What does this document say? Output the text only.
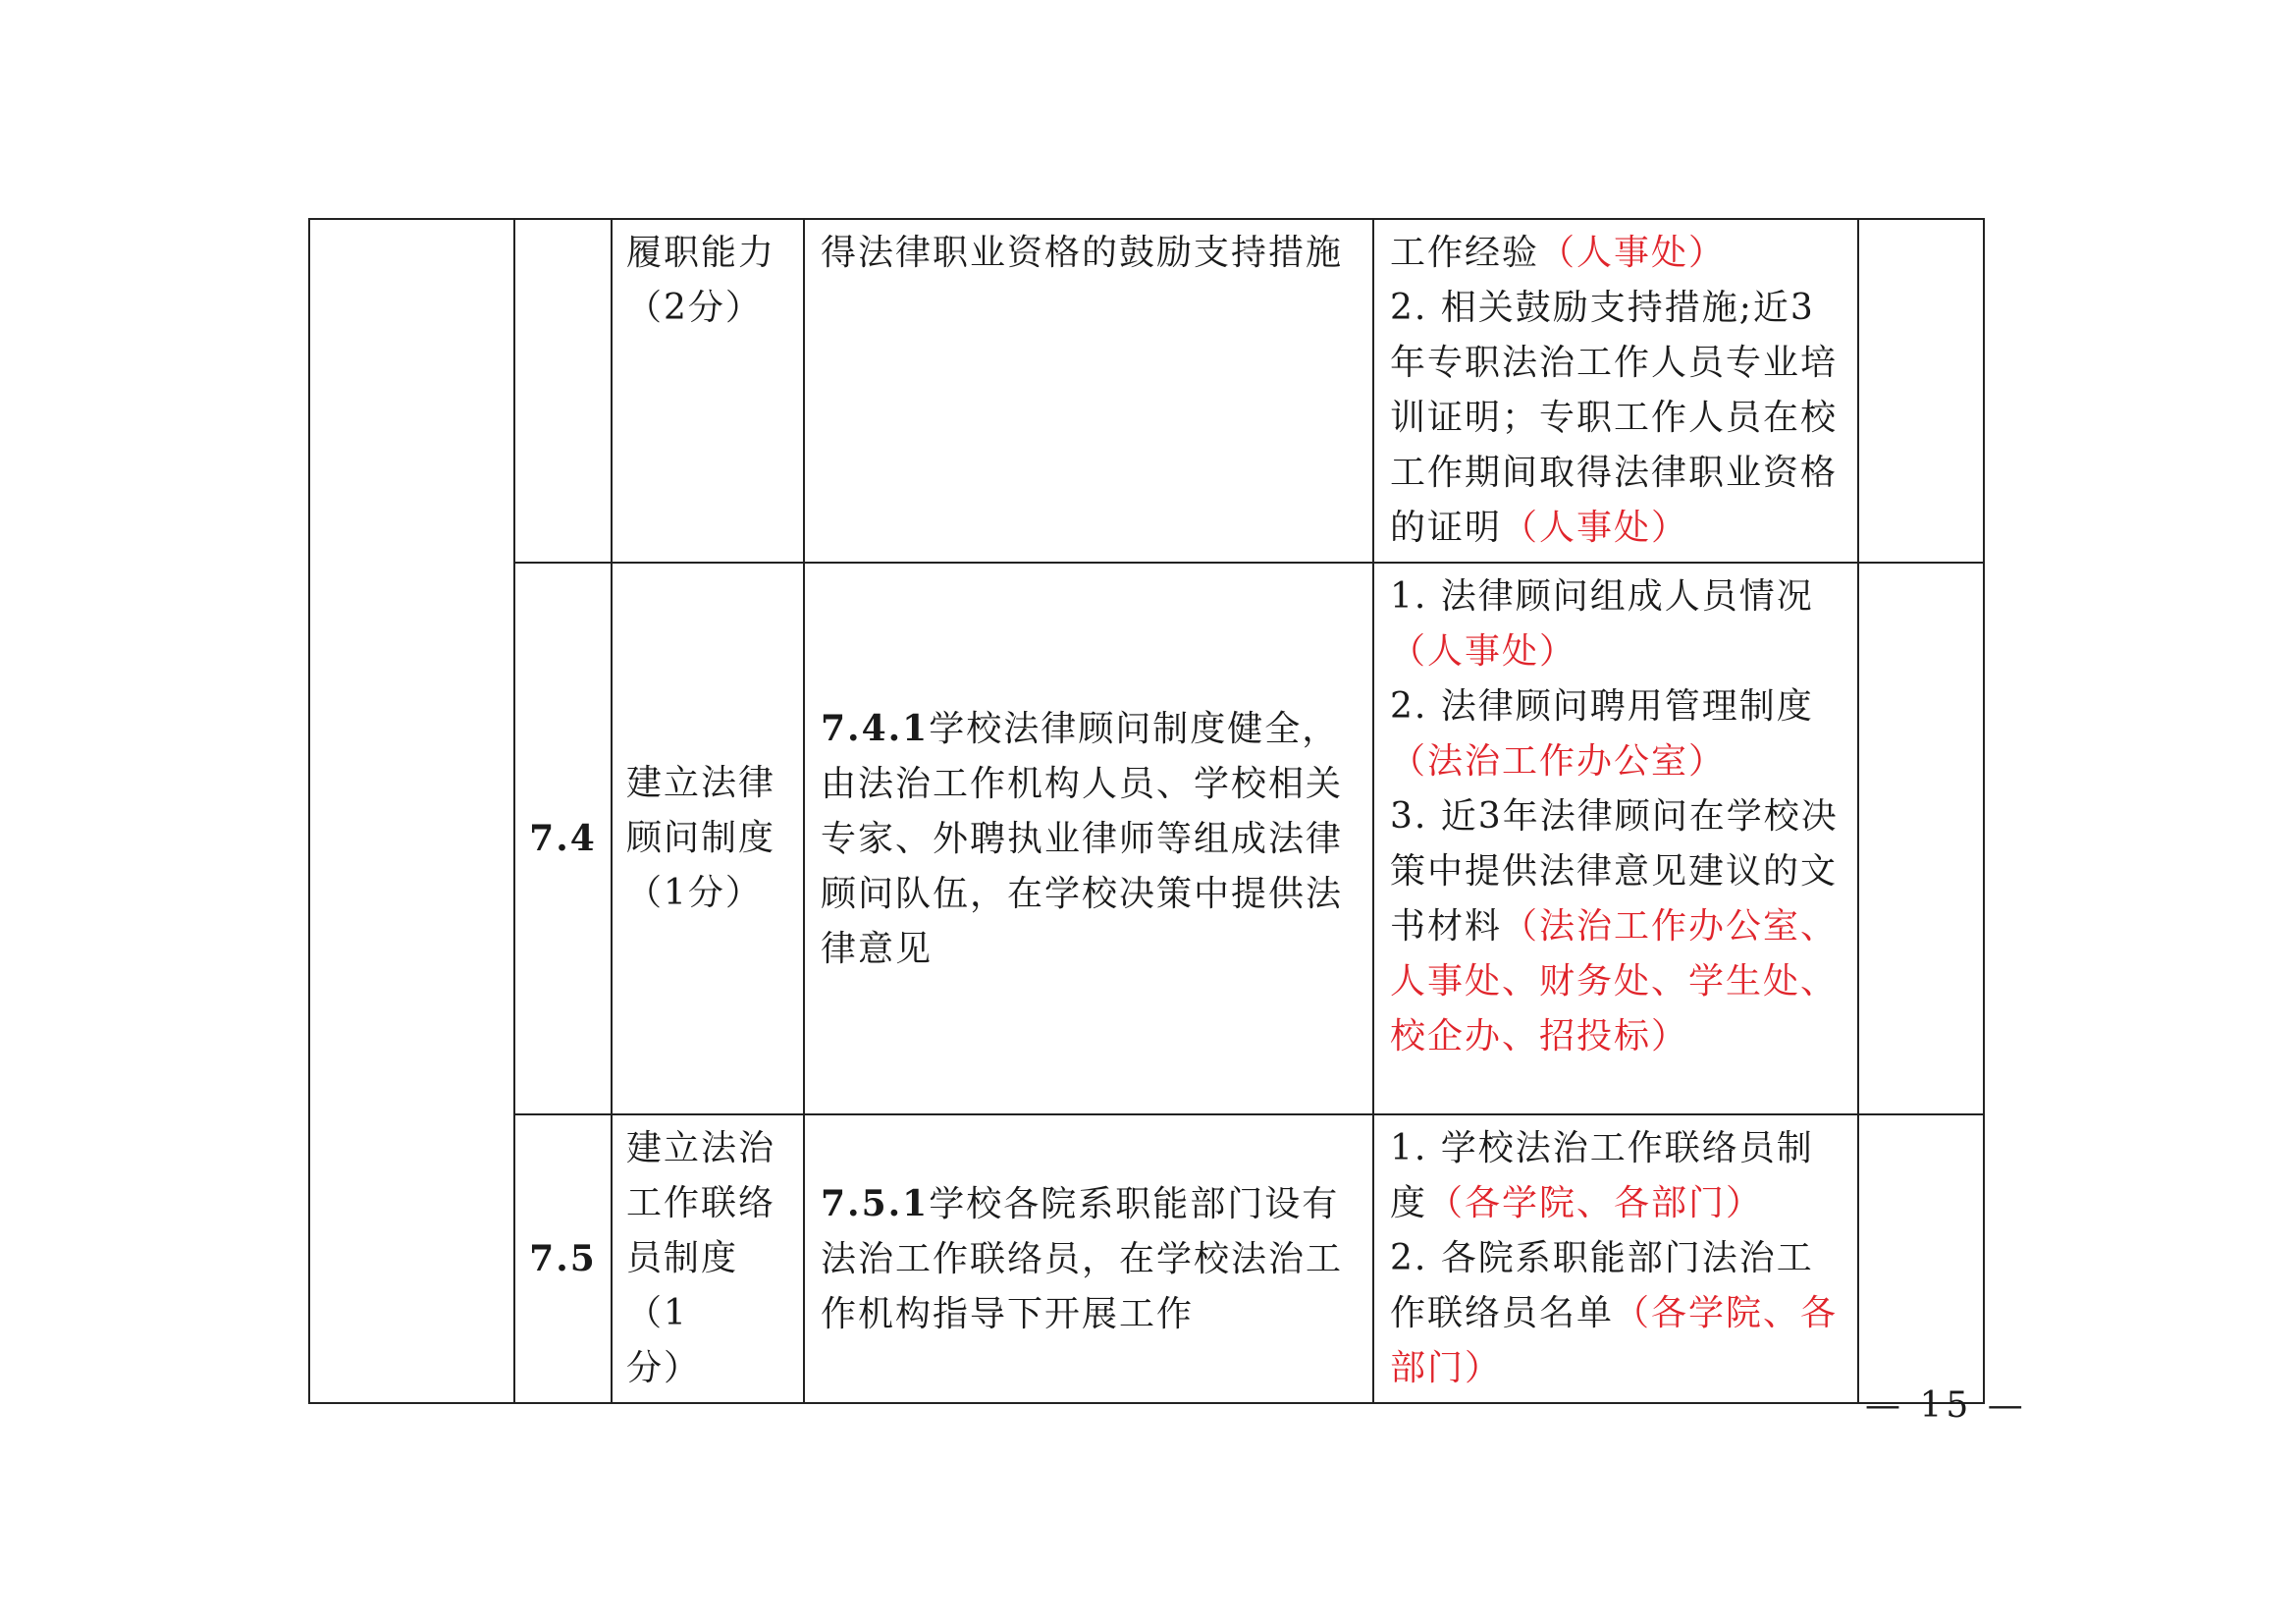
		履职能力
（2分）	得法律职业资格的鼓励支持措施	工作经验（人事处）
2. 相关鼓励支持措施;近3年专职法治工作人员专业培训证明；专职工作人员在校工作期间取得法律职业资格的证明（人事处）	

	7.4	建立法律
顾问制度
（1分）	7.4.1学校法律顾问制度健全，由法治工作机构人员、学校相关专家、外聘执业律师等组成法律顾问队伍，在学校决策中提供法律意见	1. 法律顾问组成人员情况（人事处）
2. 法律顾问聘用管理制度（法治工作办公室）
3. 近3年法律顾问在学校决策中提供法律意见建议的文书材料（法治工作办公室、人事处、财务处、学生处、校企办、招投标）	

	7.5	建立法治
工作联络
员制度（1
分）	7.5.1学校各院系职能部门设有法治工作联络员，在学校法治工作机构指导下开展工作	1. 学校法治工作联络员制度（各学院、各部门）
2. 各院系职能部门法治工作联络员名单（各学院、各部门）	

— 15 —
